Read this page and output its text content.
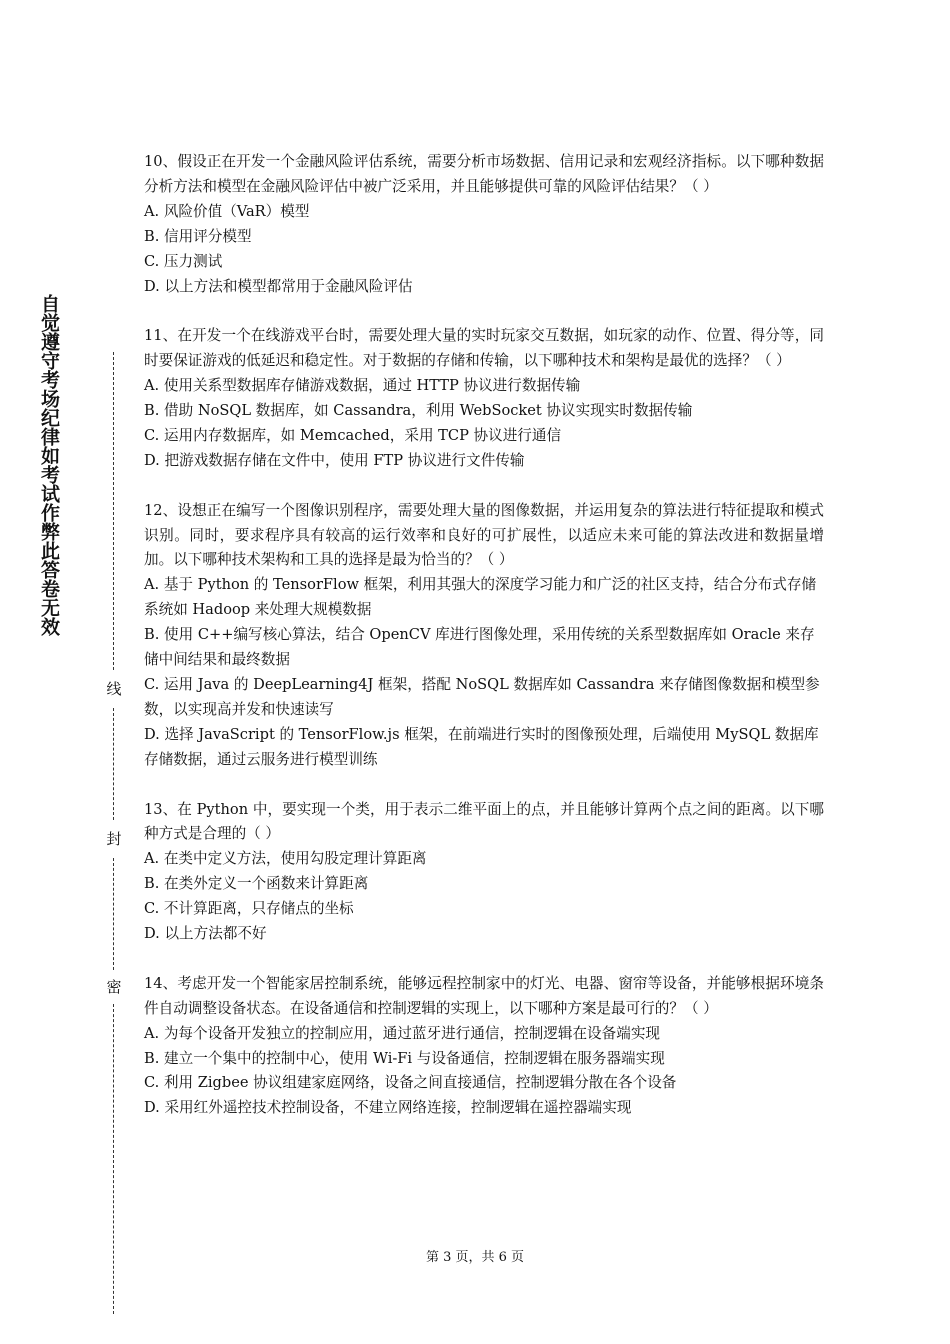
自觉遵守考场纪律如考试作弊此答卷无效
线
封
密

10、假设正在开发一个金融风险评估系统，需要分析市场数据、信用记录和宏观经济指标。以下哪种数据分析方法和模型在金融风险评估中被广泛采用，并且能够提供可靠的风险评估结果？（ ）

A. 风险价值（VaR）模型

B. 信用评分模型

C. 压力测试

D. 以上方法和模型都常用于金融风险评估

11、在开发一个在线游戏平台时，需要处理大量的实时玩家交互数据，如玩家的动作、位置、得分等，同时要保证游戏的低延迟和稳定性。对于数据的存储和传输，以下哪种技术和架构是最优的选择？（ ）

A. 使用关系型数据库存储游戏数据，通过 HTTP 协议进行数据传输

B. 借助 NoSQL 数据库，如 Cassandra，利用 WebSocket 协议实现实时数据传输

C. 运用内存数据库，如 Memcached，采用 TCP 协议进行通信

D. 把游戏数据存储在文件中，使用 FTP 协议进行文件传输

12、设想正在编写一个图像识别程序，需要处理大量的图像数据，并运用复杂的算法进行特征提取和模式识别。同时，要求程序具有较高的运行效率和良好的可扩展性，以适应未来可能的算法改进和数据量增加。以下哪种技术架构和工具的选择是最为恰当的？（ ）

A. 基于 Python 的 TensorFlow 框架，利用其强大的深度学习能力和广泛的社区支持，结合分布式存储系统如 Hadoop 来处理大规模数据

B. 使用 C++编写核心算法，结合 OpenCV 库进行图像处理，采用传统的关系型数据库如 Oracle 来存储中间结果和最终数据

C. 运用 Java 的 DeepLearning4J 框架，搭配 NoSQL 数据库如 Cassandra 来存储图像数据和模型参数，以实现高并发和快速读写

D. 选择 JavaScript 的 TensorFlow.js 框架，在前端进行实时的图像预处理，后端使用 MySQL 数据库存储数据，通过云服务进行模型训练

13、在 Python 中，要实现一个类，用于表示二维平面上的点，并且能够计算两个点之间的距离。以下哪种方式是合理的（ ）

A. 在类中定义方法，使用勾股定理计算距离

B. 在类外定义一个函数来计算距离

C. 不计算距离，只存储点的坐标

D. 以上方法都不好

14、考虑开发一个智能家居控制系统，能够远程控制家中的灯光、电器、窗帘等设备，并能够根据环境条件自动调整设备状态。在设备通信和控制逻辑的实现上，以下哪种方案是最可行的？（ ）

A. 为每个设备开发独立的控制应用，通过蓝牙进行通信，控制逻辑在设备端实现

B. 建立一个集中的控制中心，使用 Wi-Fi 与设备通信，控制逻辑在服务器端实现

C. 利用 Zigbee 协议组建家庭网络，设备之间直接通信，控制逻辑分散在各个设备

D. 采用红外遥控技术控制设备，不建立网络连接，控制逻辑在遥控器端实现

第 3 页，共 6 页
